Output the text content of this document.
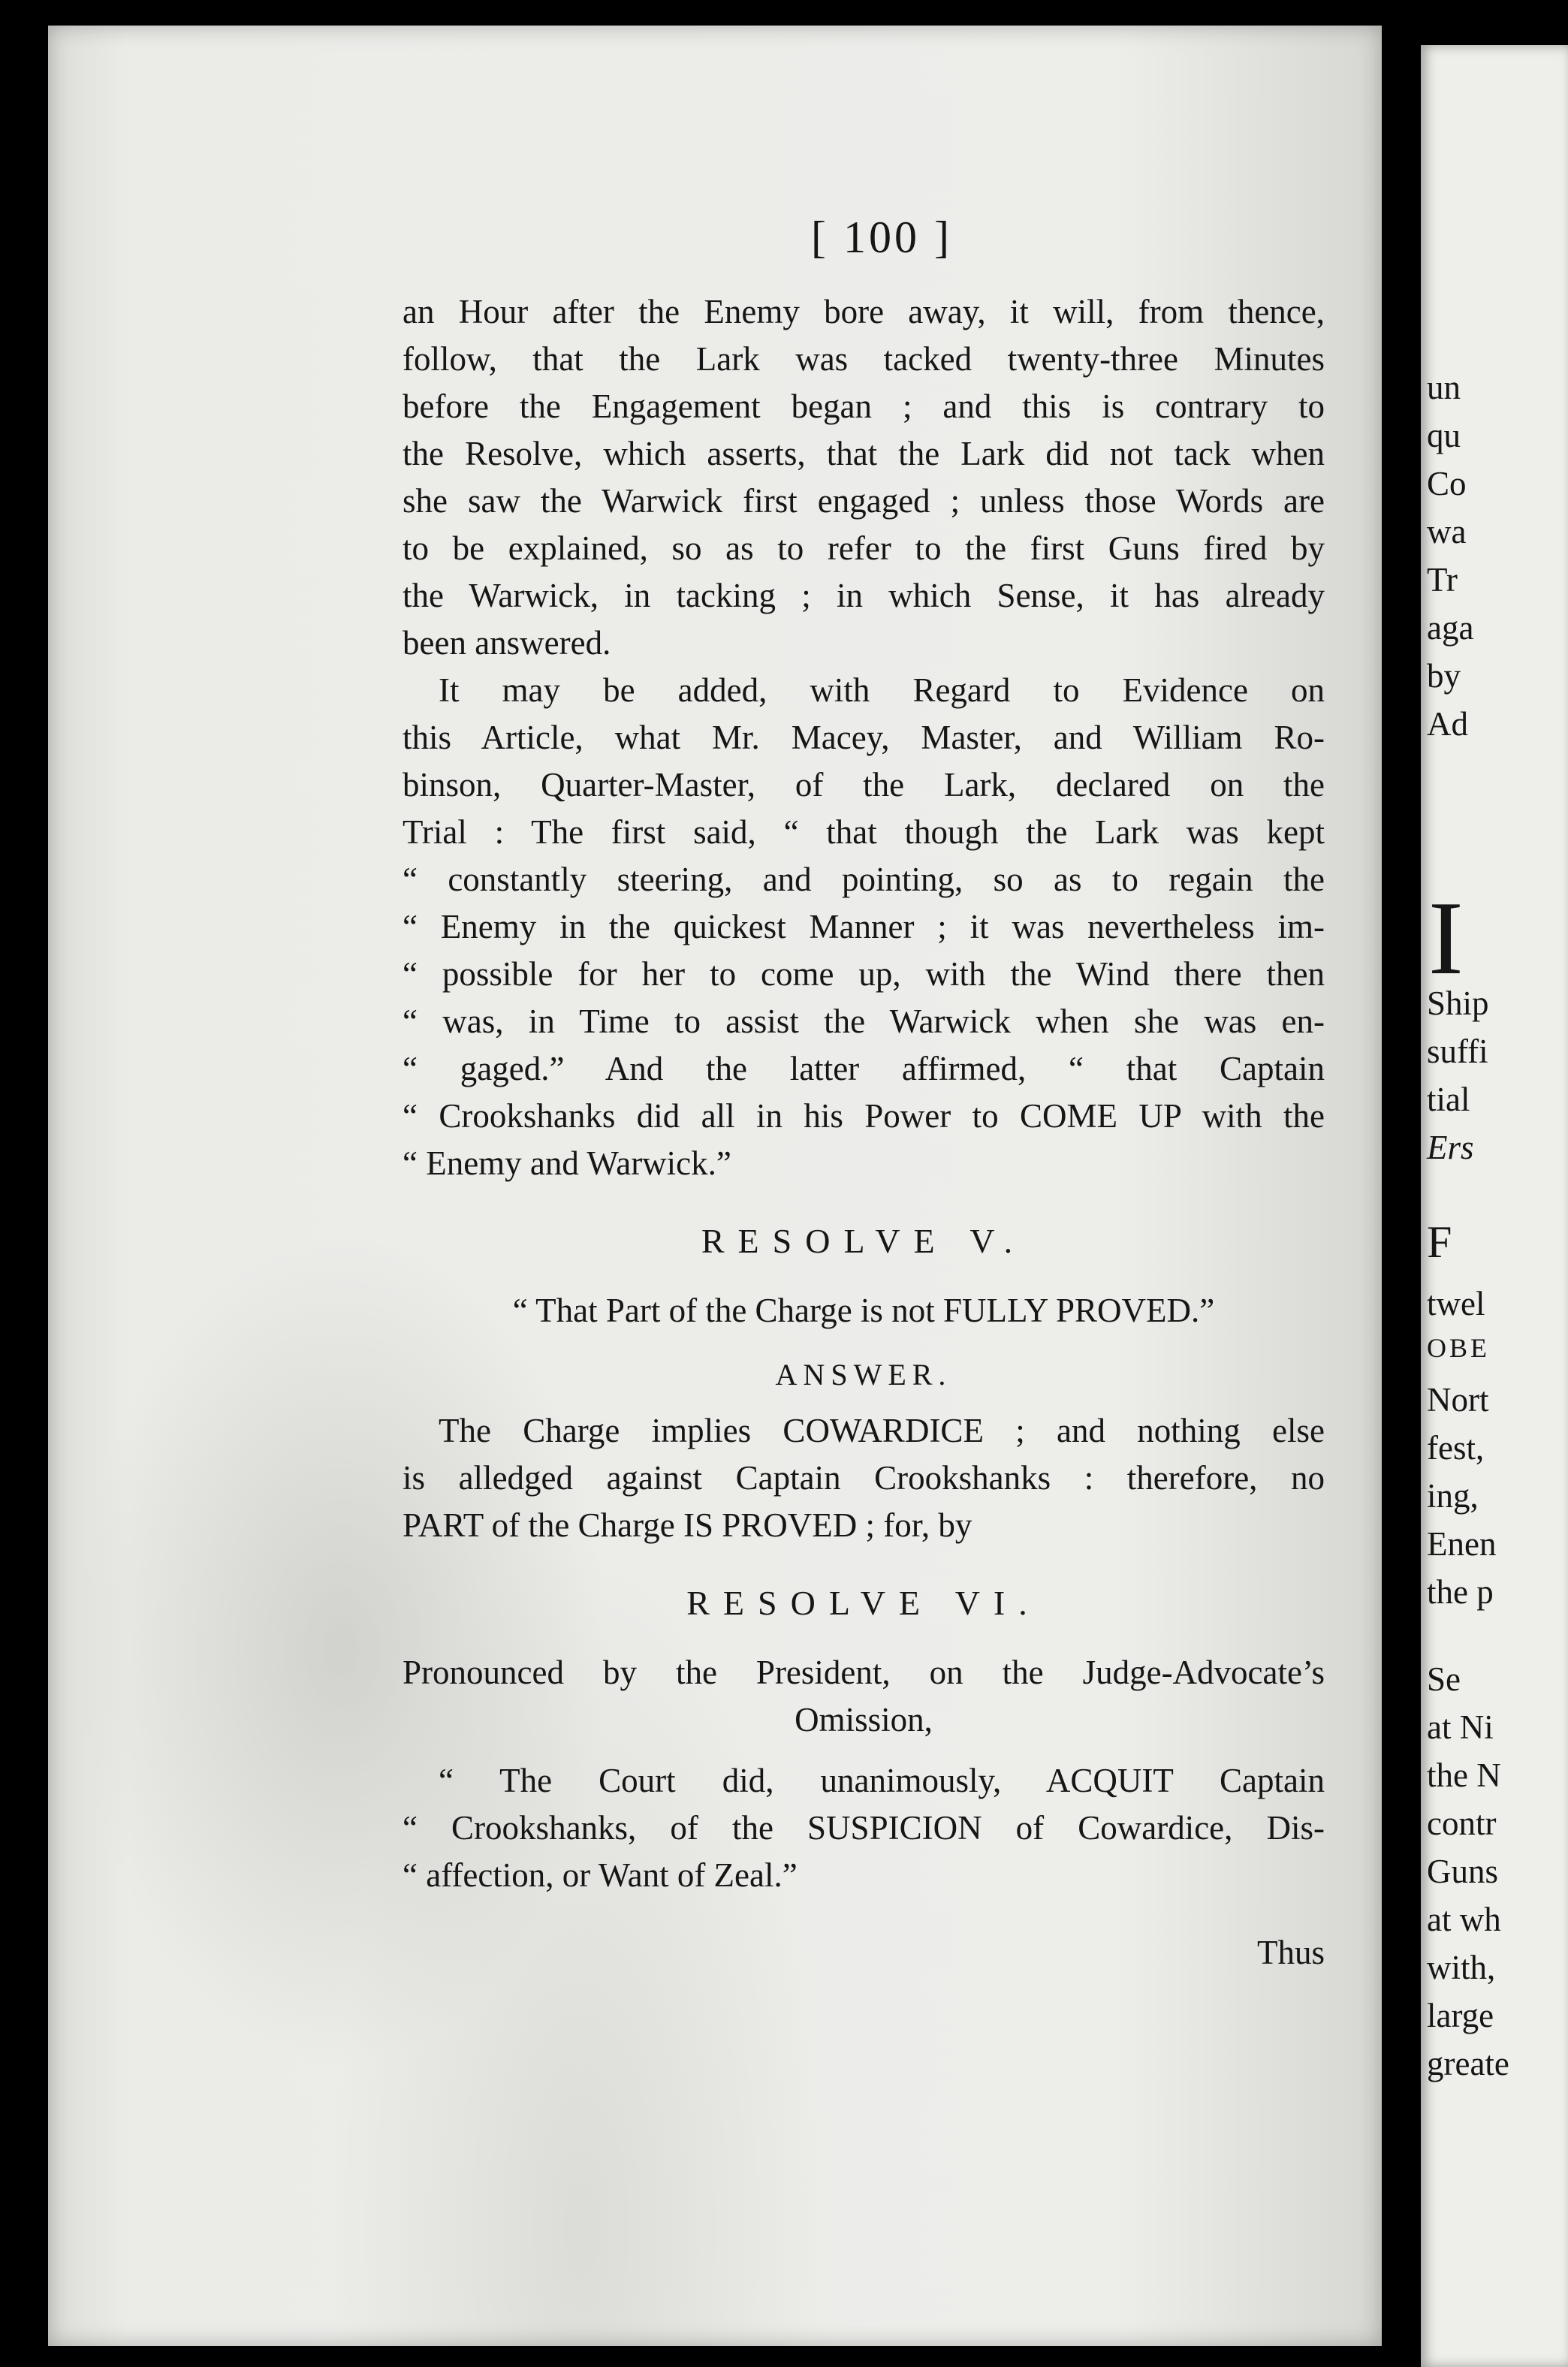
[ 100 ]
an Hour after the Enemy bore away, it will, from thence,
follow, that the Lark was tacked twenty-three Minutes
before the Engagement began ; and this is contrary to
the Resolve, which asserts, that the Lark did not tack when
she saw the Warwick first engaged ; unless those Words are
to be explained, so as to refer to the first Guns fired by
the Warwick, in tacking ; in which Sense, it has already
been answered.
It may be added, with Regard to Evidence on
this Article, what Mr. Macey, Master, and William Ro-
binson, Quarter-Master, of the Lark, declared on the
Trial : The first said, “ that though the Lark was kept
“ constantly steering, and pointing, so as to regain the
“ Enemy in the quickest Manner ; it was nevertheless im-
“ possible for her to come up, with the Wind there then
“ was, in Time to assist the Warwick when she was en-
“ gaged.” And the latter affirmed, “ that Captain
“ Crookshanks did all in his Power to COME UP with the
“ Enemy and Warwick.”
RESOLVE V.
“ That Part of the Charge is not FULLY PROVED.”
ANSWER.
The Charge implies COWARDICE ; and nothing else
is alledged against Captain Crookshanks : therefore, no
PART of the Charge IS PROVED ; for, by
RESOLVE VI.
Pronounced by the President, on the Judge-Advocate’s
Omission,
“ The Court did, unanimously, ACQUIT Captain
“ Crookshanks, of the SUSPICION of Cowardice, Dis-
“ affection, or Want of Zeal.”
Thus
un
qu
Co
wa
Tr
aga
by
Ad
I
Ship
suffi
tial
Ers
F
twel
OBE
Nort
fest,
ing,
Enen
the p
Se
at Ni
the N
contr
Guns
at wh
with,
large
greate
